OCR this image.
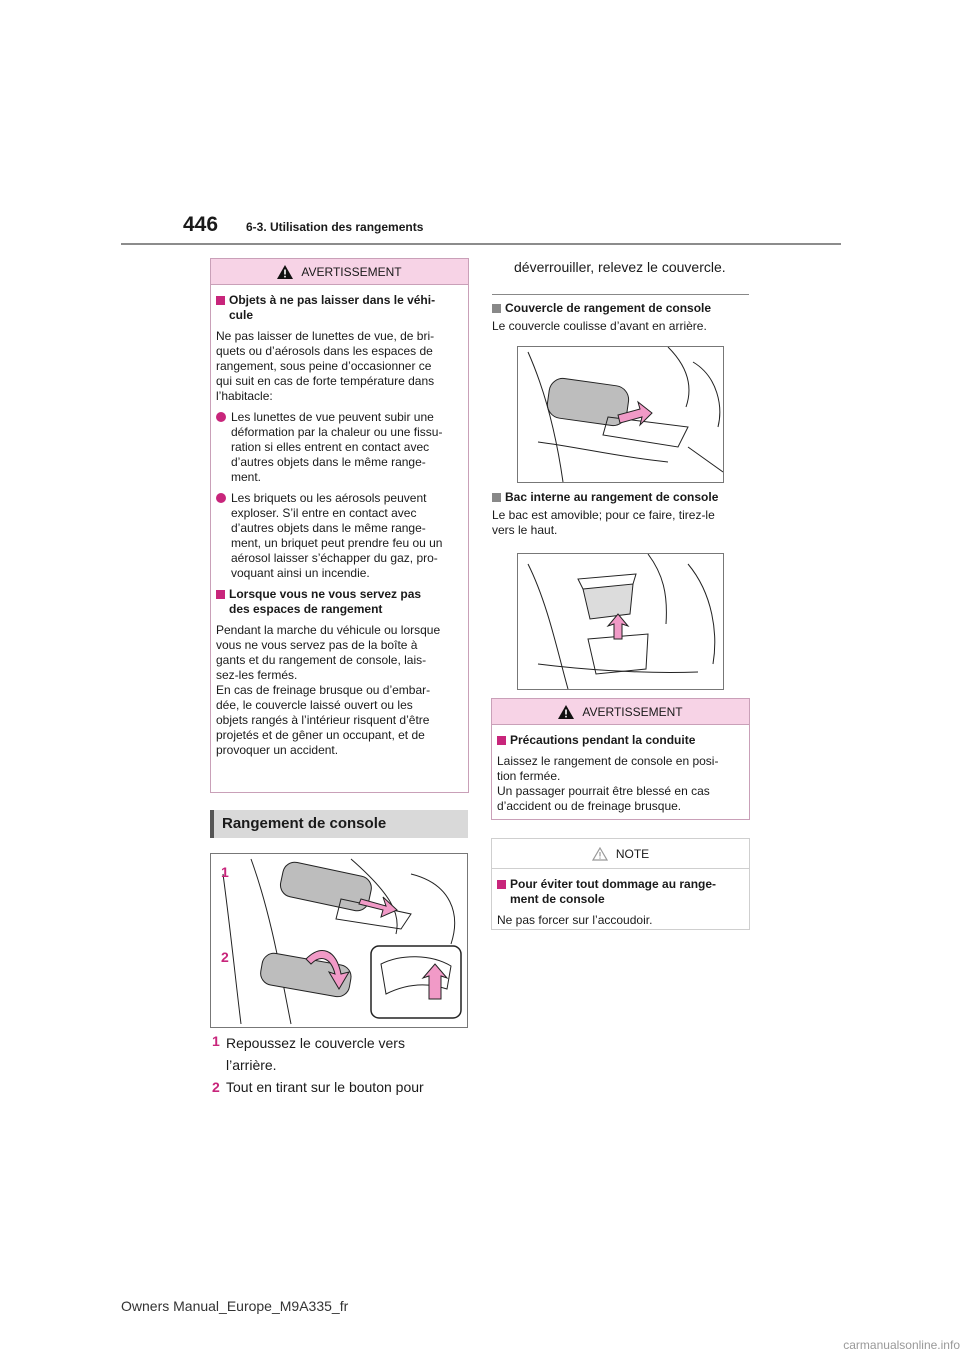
446 6-3. Utilisation des rangements
AVERTISSEMENT
Objets à ne pas laisser dans le véhi-
cule
Ne pas laisser de lunettes de vue, de bri-
quets ou d’aérosols dans les espaces de
rangement, sous peine d’occasionner ce
qui suit en cas de forte température dans
l’habitacle:
Les lunettes de vue peuvent subir une
déformation par la chaleur ou une fissu-
ration si elles entrent en contact avec
d’autres objets dans le même range-
ment.
Les briquets ou les aérosols peuvent
exploser. S’il entre en contact avec
d’autres objets dans le même range-
ment, un briquet peut prendre feu ou un
aérosol laisser s’échapper du gaz, pro-
voquant ainsi un incendie.
Lorsque vous ne vous servez pas
des espaces de rangement
Pendant la marche du véhicule ou lorsque
vous ne vous servez pas de la boîte à
gants et du rangement de console, lais-
sez-les fermés.
En cas de freinage brusque ou d’embar-
dée, le couvercle laissé ouvert ou les
objets rangés à l’intérieur risquent d’être
projetés et de gêner un occupant, et de
provoquer un accident.
Rangement de console
1
2
1 Repoussez le couvercle vers
l’arrière.
2 Tout en tirant sur le bouton pour
déverrouiller, relevez le couvercle.
Couvercle de rangement de console
Le couvercle coulisse d’avant en arrière.
Bac interne au rangement de console
Le bac est amovible; pour ce faire, tirez-le
vers le haut.
AVERTISSEMENT
Précautions pendant la conduite
Laissez le rangement de console en posi-
tion fermée.
Un passager pourrait être blessé en cas
d’accident ou de freinage brusque.
NOTE
Pour éviter tout dommage au range-
ment de console
Ne pas forcer sur l’accoudoir.
Owners Manual_Europe_M9A335_fr
carmanualsonline.info
